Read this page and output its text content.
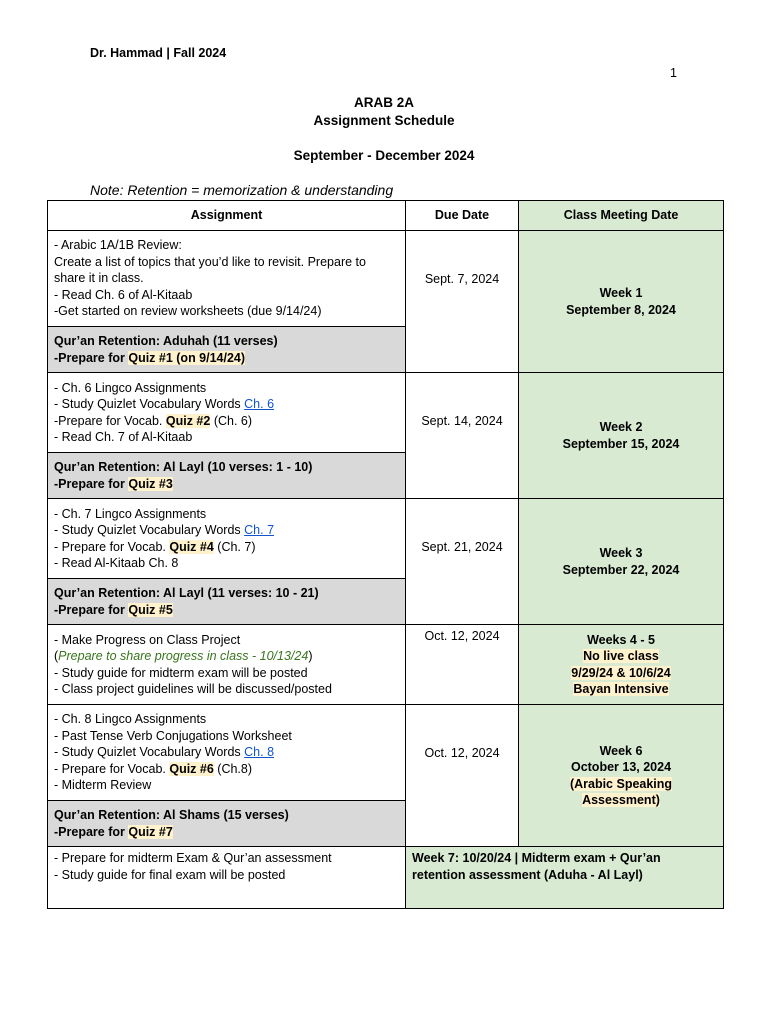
Dr. Hammad | Fall 2024
1
ARAB 2A
Assignment Schedule
September - December 2024
Note: Retention = memorization & understanding
Assignment	Due Date	Class Meeting Date

- Arabic 1A/1B Review:
Create a list of topics that you’d like to revisit. Prepare to share it in class.
- Read Ch. 6 of Al-Kitaab
-Get started on review worksheets (due 9/14/24)	Sept. 7, 2024	Week 1
September 8, 2024

Qur’an Retention: Aduhah (11 verses)
-Prepare for Quiz #1 (on 9/14/24)		

- Ch. 6 Lingco Assignments
- Study Quizlet Vocabulary Words Ch. 6
-Prepare for Vocab. Quiz #2 (Ch. 6)
- Read Ch. 7 of Al-Kitaab	Sept. 14, 2024	Week 2
September 15, 2024

Qur’an Retention: Al Layl (10 verses: 1 - 10)
-Prepare for Quiz #3		

- Ch. 7 Lingco Assignments
- Study Quizlet Vocabulary Words Ch. 7
- Prepare for Vocab. Quiz #4 (Ch. 7)
- Read Al-Kitaab Ch. 8	Sept. 21, 2024	Week 3
September 22, 2024

Qur’an Retention: Al Layl (11 verses: 10 - 21)
-Prepare for Quiz #5		

- Make Progress on Class Project
(Prepare to share progress in class - 10/13/24)
- Study guide for midterm exam will be posted
- Class project guidelines will be discussed/posted	Oct. 12, 2024	Weeks 4 - 5
No live class
9/29/24 & 10/6/24
Bayan Intensive

- Ch. 8 Lingco Assignments
- Past Tense Verb Conjugations Worksheet
- Study Quizlet Vocabulary Words Ch. 8
- Prepare for Vocab. Quiz #6 (Ch.8)
- Midterm Review	Oct. 12, 2024	Week 6
October 13, 2024
(Arabic Speaking
Assessment)

Qur’an Retention: Al Shams (15 verses)
-Prepare for Quiz #7		

- Prepare for midterm Exam & Qur’an assessment
- Study guide for final exam will be posted	Week 7: 10/20/24 | Midterm exam + Qur’an retention assessment (Aduha - Al Layl)	
